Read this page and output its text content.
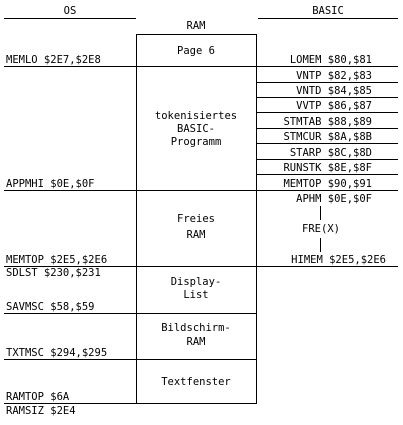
OS
RAM
BASIC
Page 6
tokenisiertes
BASIC-
Programm
Freies
RAM
Display-
List
Bildschirm-
RAM
Textfenster
MEMLO $2E7,$2E8
APPMHI $0E,$0F
MEMTOP $2E5,$2E6
SDLST $230,$231
SAVMSC $58,$59
TXTMSC $294,$295
RAMTOP $6A
RAMSIZ $2E4
LOMEM $80,$81
VNTP $82,$83
VNTD $84,$85
VVTP $86,$87
STMTAB $88,$89
STMCUR $8A,$8B
STARP $8C,$8D
RUNSTK $8E,$8F
MEMTOP $90,$91
APHM $0E,$0F
FRE(X)
HIMEM $2E5,$2E6
